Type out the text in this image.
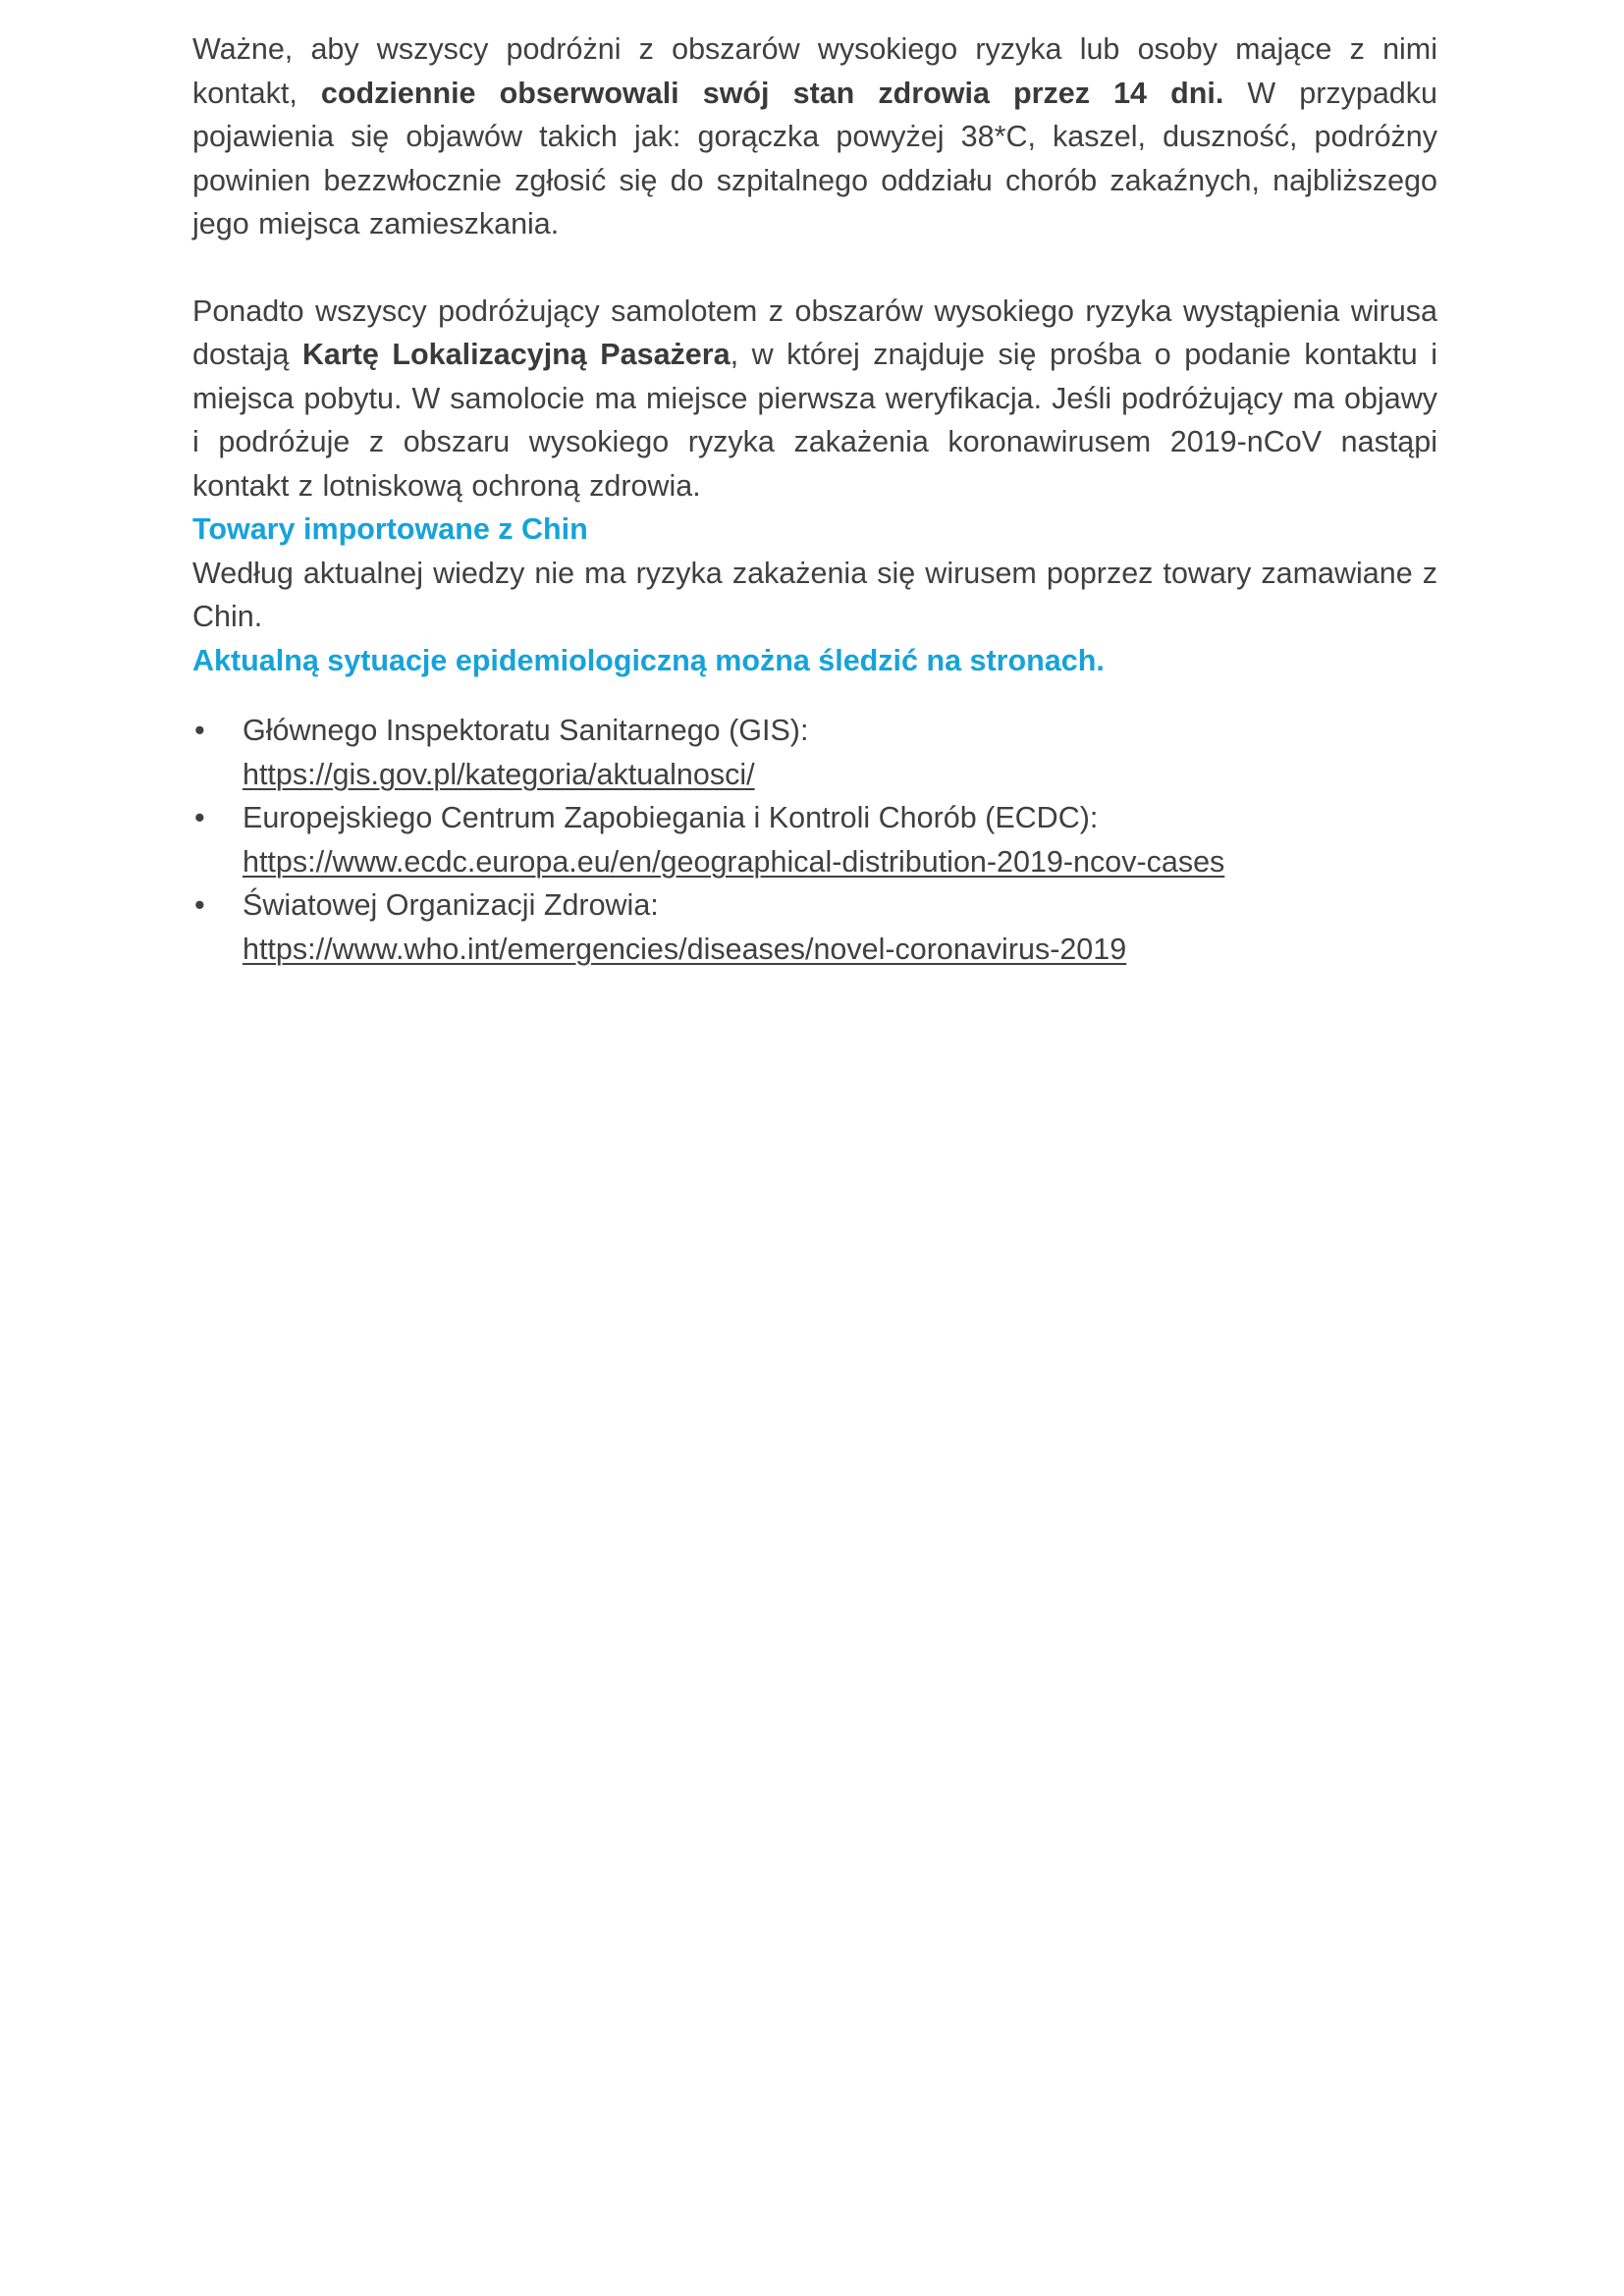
Ważne, aby wszyscy podróżni z obszarów wysokiego ryzyka lub osoby mające z nimi kontakt, codziennie obserwowali swój stan zdrowia przez 14 dni. W przypadku pojawienia się objawów takich jak: gorączka powyżej 38*C, kaszel, duszność, podróżny powinien bezzwłocznie zgłosić się do szpitalnego oddziału chorób zakaźnych, najbliższego jego miejsca zamieszkania.

Ponadto wszyscy podróżujący samolotem z obszarów wysokiego ryzyka wystąpienia wirusa dostają Kartę Lokalizacyjną Pasażera, w której znajduje się prośba o podanie kontaktu i miejsca pobytu. W samolocie ma miejsce pierwsza weryfikacja. Jeśli podróżujący ma objawy i podróżuje z obszaru wysokiego ryzyka zakażenia koronawirusem 2019-nCoV nastąpi kontakt z lotniskową ochroną zdrowia.

Towary importowane z Chin

Według aktualnej wiedzy nie ma ryzyka zakażenia się wirusem poprzez towary zamawiane z Chin.

Aktualną sytuacje epidemiologiczną można śledzić na stronach.
• Głównego Inspektoratu Sanitarnego (GIS):
https://gis.gov.pl/kategoria/aktualnosci/
• Europejskiego Centrum Zapobiegania i Kontroli Chorób (ECDC):
https://www.ecdc.europa.eu/en/geographical-distribution-2019-ncov-cases
• Światowej Organizacji Zdrowia:
https://www.who.int/emergencies/diseases/novel-coronavirus-2019
